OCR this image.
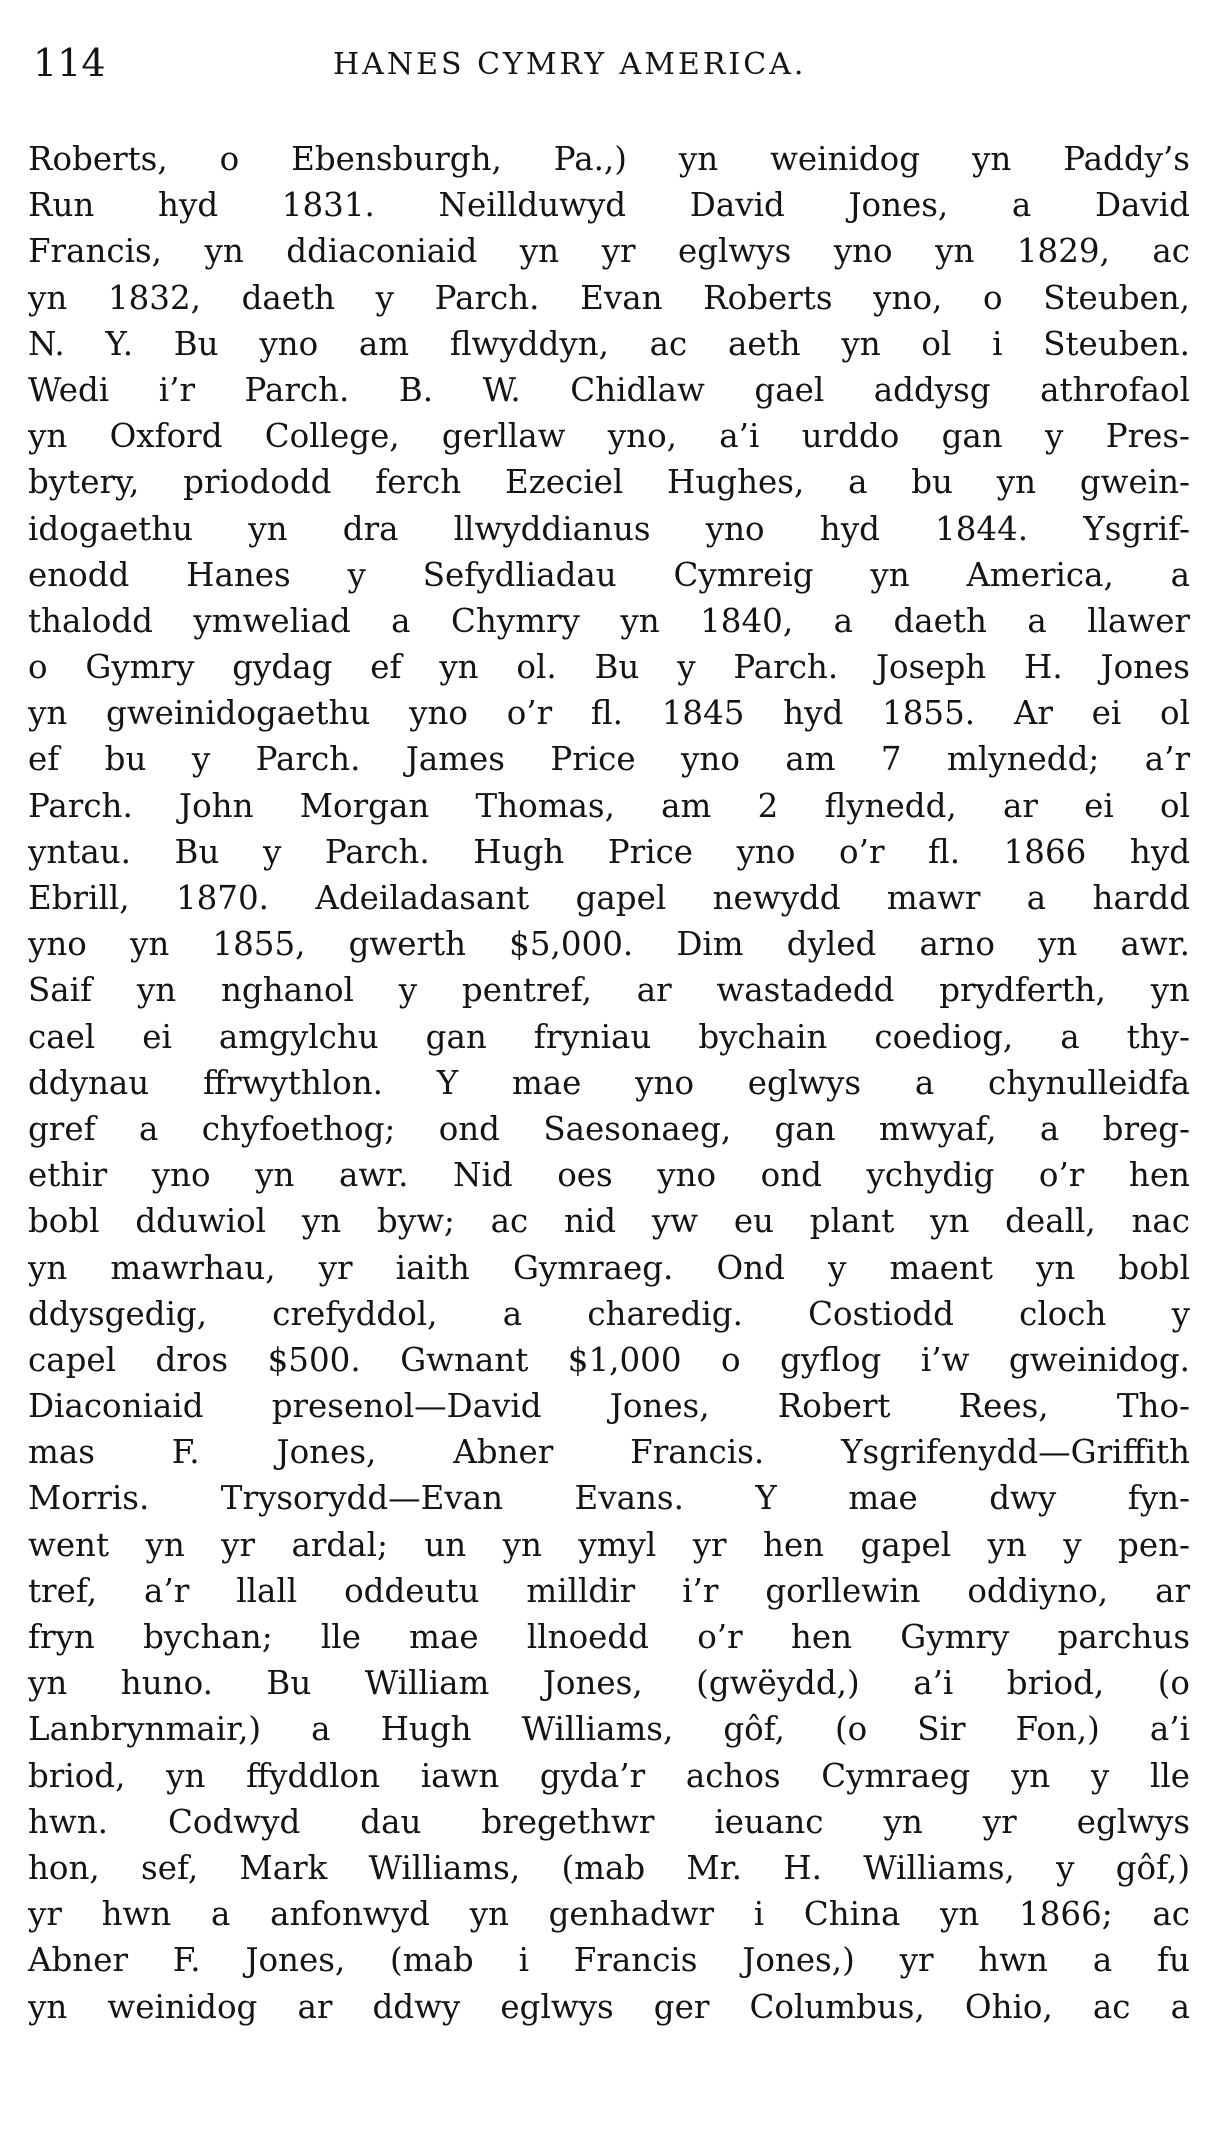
114	HANES CYMRY AMERICA.
Roberts, o Ebensburgh, Pa.,) yn weinidog yn Paddy’s
Run hyd 1831. Neillduwyd David Jones, a David
Francis, yn ddiaconiaid yn yr eglwys yno yn 1829, ac
yn 1832, daeth y Parch. Evan Roberts yno, o Steuben,
N. Y. Bu yno am flwyddyn, ac aeth yn ol i Steuben.
Wedi i’r Parch. B. W. Chidlaw gael addysg athrofaol
yn Oxford College, gerllaw yno, a’i urddo gan y Pres-
bytery, priododd ferch Ezeciel Hughes, a bu yn gwein-
idogaethu yn dra llwyddianus yno hyd 1844. Ysgrif-
enodd Hanes y Sefydliadau Cymreig yn America, a
thalodd ymweliad a Chymry yn 1840, a daeth a llawer
o Gymry gydag ef yn ol. Bu y Parch. Joseph H. Jones
yn gweinidogaethu yno o’r fl. 1845 hyd 1855. Ar ei ol
ef bu y Parch. James Price yno am 7 mlynedd; a’r
Parch. John Morgan Thomas, am 2 flynedd, ar ei ol
yntau. Bu y Parch. Hugh Price yno o’r fl. 1866 hyd
Ebrill, 1870. Adeiladasant gapel newydd mawr a hardd
yno yn 1855, gwerth $5,000. Dim dyled arno yn awr.
Saif yn nghanol y pentref, ar wastadedd prydferth, yn
cael ei amgylchu gan fryniau bychain coediog, a thy-
ddynau ffrwythlon. Y mae yno eglwys a chynulleidfa
gref a chyfoethog; ond Saesonaeg, gan mwyaf, a breg-
ethir yno yn awr. Nid oes yno ond ychydig o’r hen
bobl dduwiol yn byw; ac nid yw eu plant yn deall, nac
yn mawrhau, yr iaith Gymraeg. Ond y maent yn bobl
ddysgedig, crefyddol, a charedig. Costiodd cloch y
capel dros $500. Gwnant $1,000 o gyflog i’w gweinidog.
Diaconiaid presenol—David Jones, Robert Rees, Tho-
mas F. Jones, Abner Francis. Ysgrifenydd—Griffith
Morris. Trysorydd—Evan Evans. Y mae dwy fyn-
went yn yr ardal; un yn ymyl yr hen gapel yn y pen-
tref, a’r llall oddeutu milldir i’r gorllewin oddiyno, ar
fryn bychan; lle mae llnoedd o’r hen Gymry parchus
yn huno. Bu William Jones, (gwëydd,) a’i briod, (o
Lanbrynmair,) a Hugh Williams, gôf, (o Sir Fon,) a’i
briod, yn ffyddlon iawn gyda’r achos Cymraeg yn y lle
hwn. Codwyd dau bregethwr ieuanc yn yr eglwys
hon, sef, Mark Williams, (mab Mr. H. Williams, y gôf,)
yr hwn a anfonwyd yn genhadwr i China yn 1866; ac
Abner F. Jones, (mab i Francis Jones,) yr hwn a fu
yn weinidog ar ddwy eglwys ger Columbus, Ohio, ac a
